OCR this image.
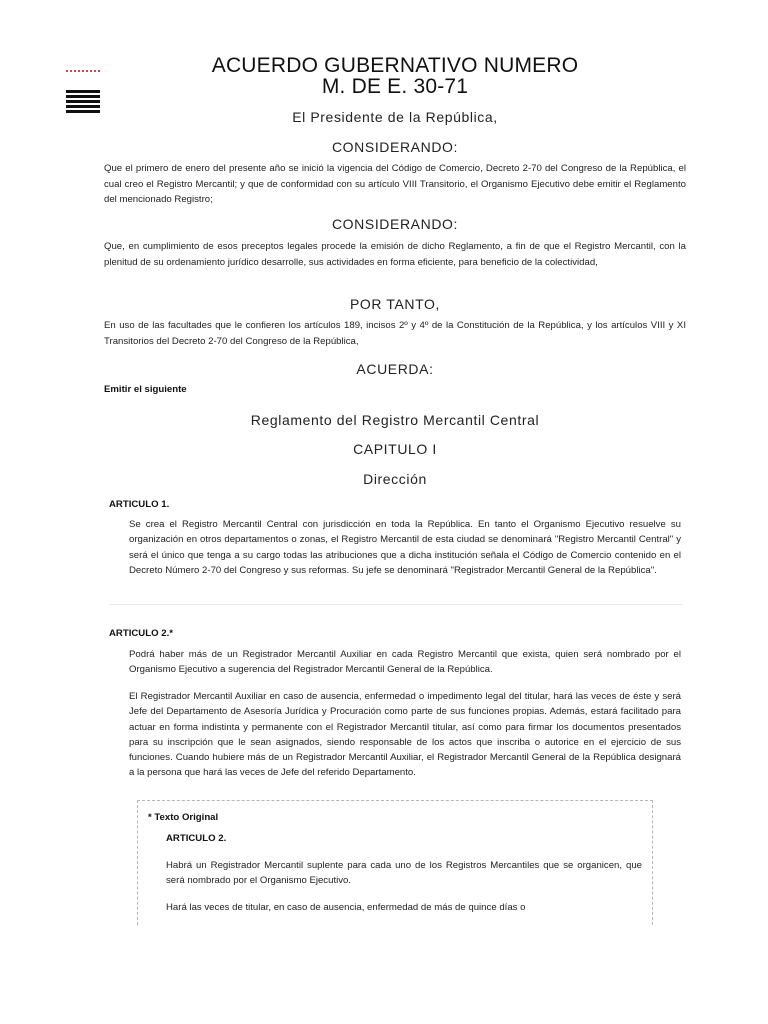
ACUERDO GUBERNATIVO NUMERO
M. DE E. 30-71
El Presidente de la República,
CONSIDERANDO:
Que el primero de enero del presente año se inició la vigencia del Código de Comercio, Decreto 2-70 del Congreso de la República, el cual creo el Registro Mercantil; y que de conformidad con su artículo VIII Transitorio, el Organismo Ejecutivo debe emitir el Reglamento del mencionado Registro;
CONSIDERANDO:
Que, en cumplimiento de esos preceptos legales procede la emisión de dicho Reglamento, a fin de que el Registro Mercantil, con la plenitud de su ordenamiento jurídico desarrolle, sus actividades en forma eficiente, para beneficio de la colectividad,
POR TANTO,
En uso de las facultades que le confieren los artículos 189, incisos 2º y 4º de la Constitución de la República, y los artículos VIII y XI Transitorios del Decreto 2-70 del Congreso de la República,
ACUERDA:
Emitir el siguiente
Reglamento del Registro Mercantil Central
CAPITULO I
Dirección
ARTICULO 1.
Se crea el Registro Mercantil Central con jurisdicción en toda la República. En tanto el Organismo Ejecutivo resuelve su organización en otros departamentos o zonas, el Registro Mercantil de esta ciudad se denominará "Registro Mercantil Central" y será el único que tenga a su cargo todas las atribuciones que a dicha institución señala el Código de Comercio contenido en el Decreto Número 2-70 del Congreso y sus reformas. Su jefe se denominará "Registrador Mercantil General de la República".
ARTICULO 2.*
Podrá haber más de un Registrador Mercantil Auxiliar en cada Registro Mercantil que exista, quien será nombrado por el Organismo Ejecutivo a sugerencia del Registrador Mercantil General de la República.
El Registrador Mercantil Auxiliar en caso de ausencia, enfermedad o impedimento legal del titular, hará las veces de éste y será Jefe del Departamento de Asesoría Jurídica y Procuración como parte de sus funciones propias. Además, estará facilitado para actuar en forma indistinta y permanente con el Registrador Mercantil titular, así como para firmar los documentos presentados para su inscripción que le sean asignados, siendo responsable de los actos que inscriba o autorice en el ejercicio de sus funciones. Cuando hubiere más de un Registrador Mercantil Auxiliar, el Registrador Mercantil General de la República designará a la persona que hará las veces de Jefe del referido Departamento.
* Texto Original
ARTICULO 2.
Habrá un Registrador Mercantil suplente para cada uno de los Registros Mercantiles que se organicen, que será nombrado por el Organismo Ejecutivo.
Hará las veces de titular, en caso de ausencia, enfermedad de más de quince días o
